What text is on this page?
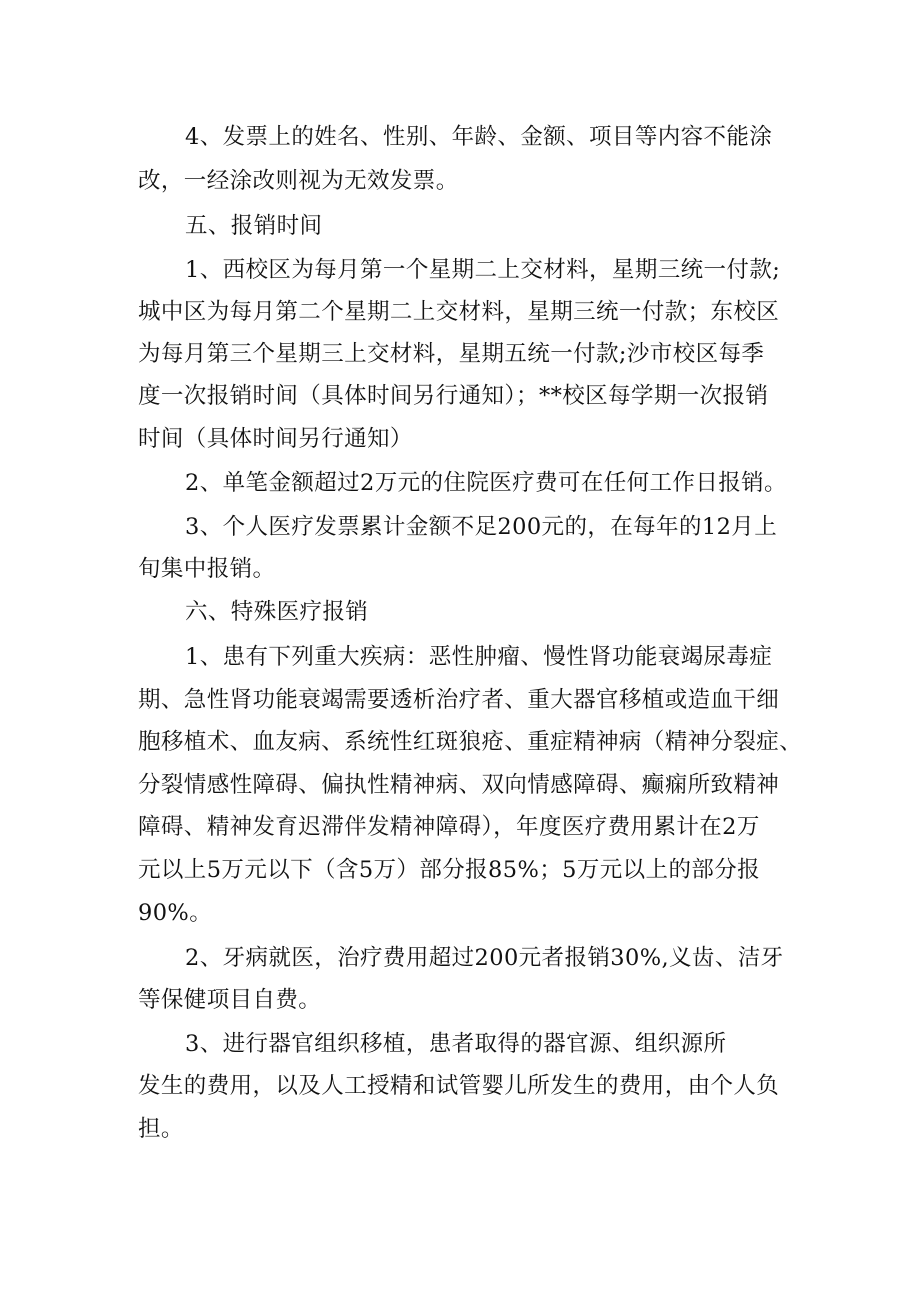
4、发票上的姓名、性别、年龄、金额、项目等内容不能涂
改，一经涂改则视为无效发票。
五、报销时间
1、西校区为每月第一个星期二上交材料，星期三统一付款;
城中区为每月第二个星期二上交材料，星期三统一付款；东校区
为每月第三个星期三上交材料，星期五统一付款;沙市校区每季
度一次报销时间（具体时间另行通知）；**校区每学期一次报销
时间（具体时间另行通知）
2、单笔金额超过2万元的住院医疗费可在任何工作日报销。
3、个人医疗发票累计金额不足200元的，在每年的12月上
旬集中报销。
六、特殊医疗报销
1、患有下列重大疾病：恶性肿瘤、慢性肾功能衰竭尿毒症
期、急性肾功能衰竭需要透析治疗者、重大器官移植或造血干细
胞移植术、血友病、系统性红斑狼疮、重症精神病（精神分裂症、
分裂情感性障碍、偏执性精神病、双向情感障碍、癫痫所致精神
障碍、精神发育迟滞伴发精神障碍），年度医疗费用累计在2万
元以上5万元以下（含5万）部分报85%；5万元以上的部分报
90%。
2、牙病就医，治疗费用超过200元者报销30%,义齿、洁牙
等保健项目自费。
3、进行器官组织移植，患者取得的器官源、组织源所
发生的费用，以及人工授精和试管婴儿所发生的费用，由个人负
担。
